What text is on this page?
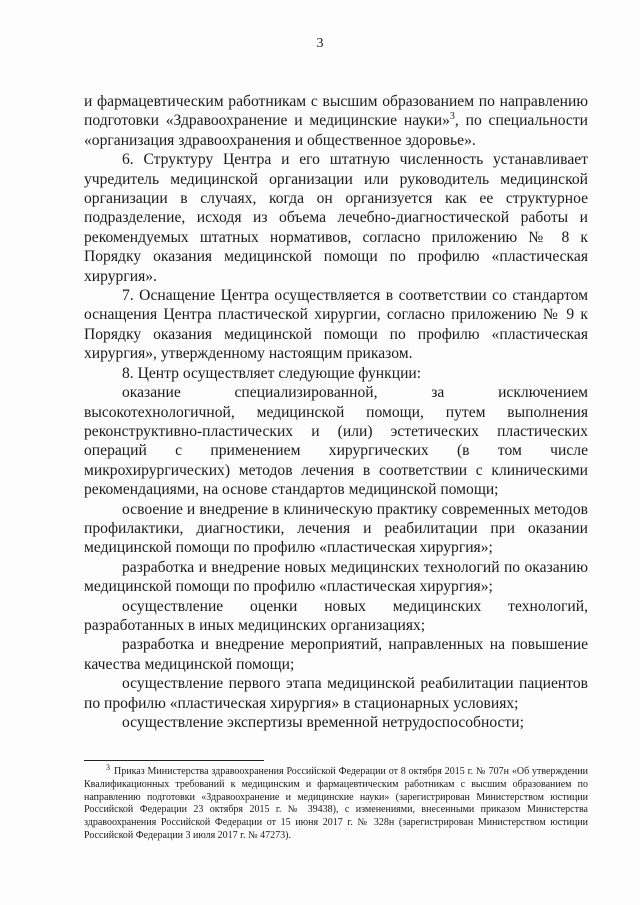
3

и фармацевтическим работникам с высшим образованием по направлению подготовки «Здравоохранение и медицинские науки»$^3$, по специальности «организация здравоохранения и общественное здоровье».

6. Структуру Центра и его штатную численность устанавливает учредитель медицинской организации или руководитель медицинской организации в случаях, когда он организуется как ее структурное подразделение, исходя из объема лечебно-диагностической работы и рекомендуемых штатных нормативов, согласно приложению № 8 к Порядку оказания медицинской помощи по профилю «пластическая хирургия».

7. Оснащение Центра осуществляется в соответствии со стандартом оснащения Центра пластической хирургии, согласно приложению № 9 к Порядку оказания медицинской помощи по профилю «пластическая хирургия», утвержденному настоящим приказом.

8. Центр осуществляет следующие функции:

оказание специализированной, за исключением высокотехнологичной, медицинской помощи, путем выполнения реконструктивно-пластических и (или) эстетических пластических операций с применением хирургических (в том числе микрохирургических) методов лечения в соответствии с клиническими рекомендациями, на основе стандартов медицинской помощи;

освоение и внедрение в клиническую практику современных методов профилактики, диагностики, лечения и реабилитации при оказании медицинской помощи по профилю «пластическая хирургия»;

разработка и внедрение новых медицинских технологий по оказанию медицинской помощи по профилю «пластическая хирургия»;

осуществление оценки новых медицинских технологий, разработанных в иных медицинских организациях;

разработка и внедрение мероприятий, направленных на повышение качества медицинской помощи;

осуществление первого этапа медицинской реабилитации пациентов по профилю «пластическая хирургия» в стационарных условиях;

осуществление экспертизы временной нетрудоспособности;

$^3$ Приказ Министерства здравоохранения Российской Федерации от 8 октября 2015 г. № 707н «Об утверждении Квалификационных требований к медицинским и фармацевтическим работникам с высшим образованием по направлению подготовки «Здравоохранение и медицинские науки» (зарегистрирован Министерством юстиции Российской Федерации 23 октября 2015 г. № 39438), с изменениями, внесенными приказом Министерства здравоохранения Российской Федерации от 15 июня 2017 г. № 328н (зарегистрирован Министерством юстиции Российской Федерации 3 июля 2017 г. № 47273).
